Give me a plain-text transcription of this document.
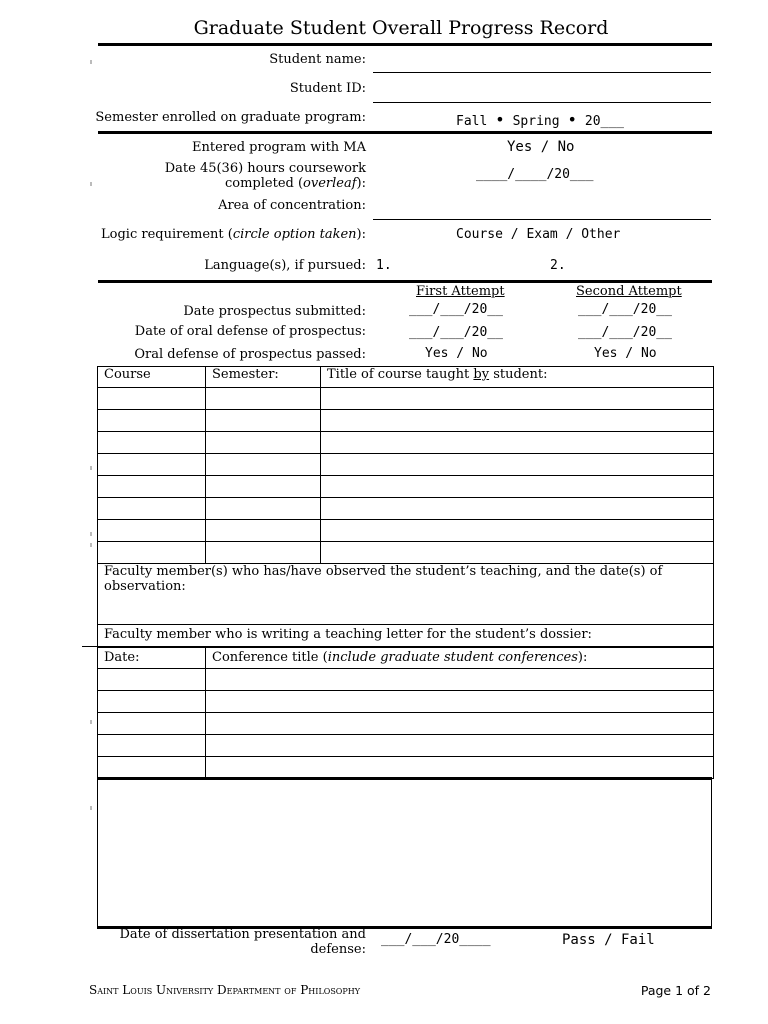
Graduate Student Overall Progress Record
Student name:
Student ID:
Semester enrolled on graduate program:	Fall • Spring • 20___
Entered program with MA	Yes / No
Date 45(36) hours coursework
completed (overleaf):
____/____/20___
Area of concentration:
Logic requirement (circle option taken):	Course / Exam / Other
Language(s), if pursued: 1.	2.
First Attempt	Second Attempt
Date prospectus submitted:	___/___/20__	___/___/20__
Date of oral defense of prospectus:	___/___/20__	___/___/20__
Oral defense of prospectus passed:	Yes / No	Yes / No
Course	Semester:	Title of course taught by student:

Faculty member(s) who has/have observed the student’s teaching, and the date(s) of
observation:		

Faculty member who is writing a teaching letter for the student’s dossier:		
Date:	Conference title (include graduate student conferences):

Date of dissertation presentation and
defense:
___/___/20____	Pass / Fail
Saint Louis University Department of Philosophy	Page 1 of 2
